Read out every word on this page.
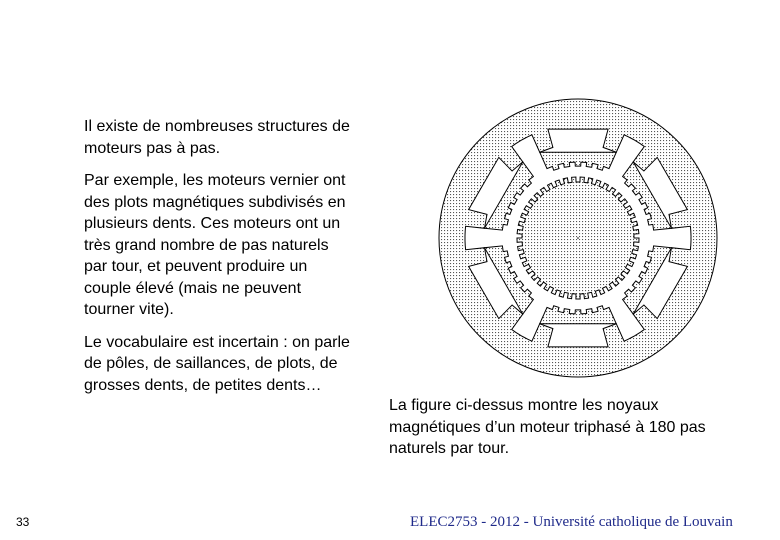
Il existe de nombreuses structures de moteurs pas à pas.

Par exemple, les moteurs vernier ont des plots magnétiques subdivisés en plusieurs dents. Ces moteurs ont un très grand nombre de pas naturels par tour, et peuvent produire un couple élevé (mais ne peuvent tourner vite).

Le vocabulaire est incertain : on parle de pôles, de saillances, de plots, de grosses dents, de petites dents…

La figure ci-dessus montre les noyaux magnétiques d’un moteur triphasé à 180 pas naturels par tour.
33	ELEC2753 - 2012 - Université catholique de Louvain
